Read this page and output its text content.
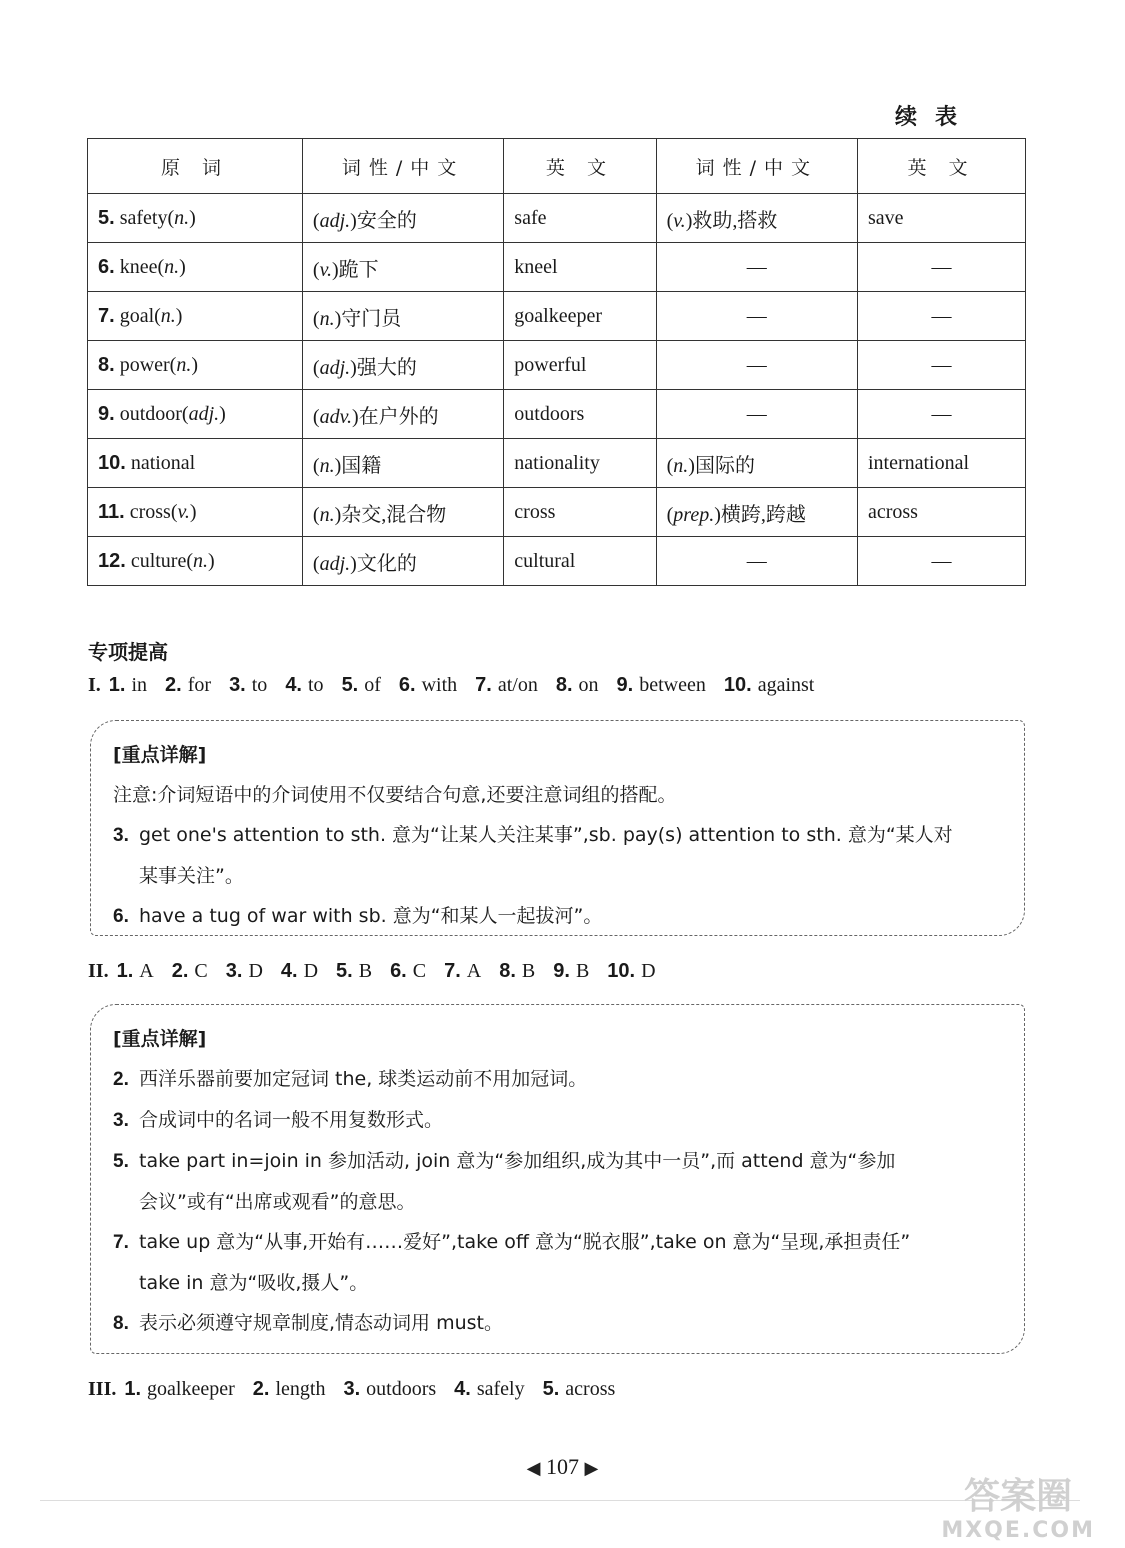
续表
原 词	词性/中文	英 文	词性/中文	英 文
5. safety(n.)	(adj.)安全的	safe	(v.)救助,搭救	save
6. knee(n.)	(v.)跪下	kneel	—	—
7. goal(n.)	(n.)守门员	goalkeeper	—	—
8. power(n.)	(adj.)强大的	powerful	—	—
9. outdoor(adj.)	(adv.)在户外的	outdoors	—	—
10. national	(n.)国籍	nationality	(n.)国际的	international
11. cross(v.)	(n.)杂交,混合物	cross	(prep.)横跨,跨越	across
12. culture(n.)	(adj.)文化的	cultural	—	—
专项提高
I. 1. in 2. for 3. to 4. to 5. of 6. with 7. at/on 8. on 9. between 10. against
[重点详解]
注意:介词短语中的介词使用不仅要结合句意,还要注意词组的搭配。
3. get one's attention to sth. 意为“让某人关注某事”,sb. pay(s) attention to sth. 意为“某人对
某事关注”。
6. have a tug of war with sb. 意为“和某人一起拔河”。
II. 1. A 2. C 3. D 4. D 5. B 6. C 7. A 8. B 9. B 10. D
[重点详解]
2. 西洋乐器前要加定冠词 the, 球类运动前不用加冠词。
3. 合成词中的名词一般不用复数形式。
5. take part in=join in 参加活动, join 意为“参加组织,成为其中一员”,而 attend 意为“参加
会议”或有“出席或观看”的意思。
7. take up 意为“从事,开始有……爱好”,take off 意为“脱衣服”,take on 意为“呈现,承担责任”
take in 意为“吸收,摄人”。
8. 表示必须遵守规章制度,情态动词用 must。
III. 1. goalkeeper 2. length 3. outdoors 4. safely 5. across
◀ 107 ▶
答案圈
MXQE.COM
